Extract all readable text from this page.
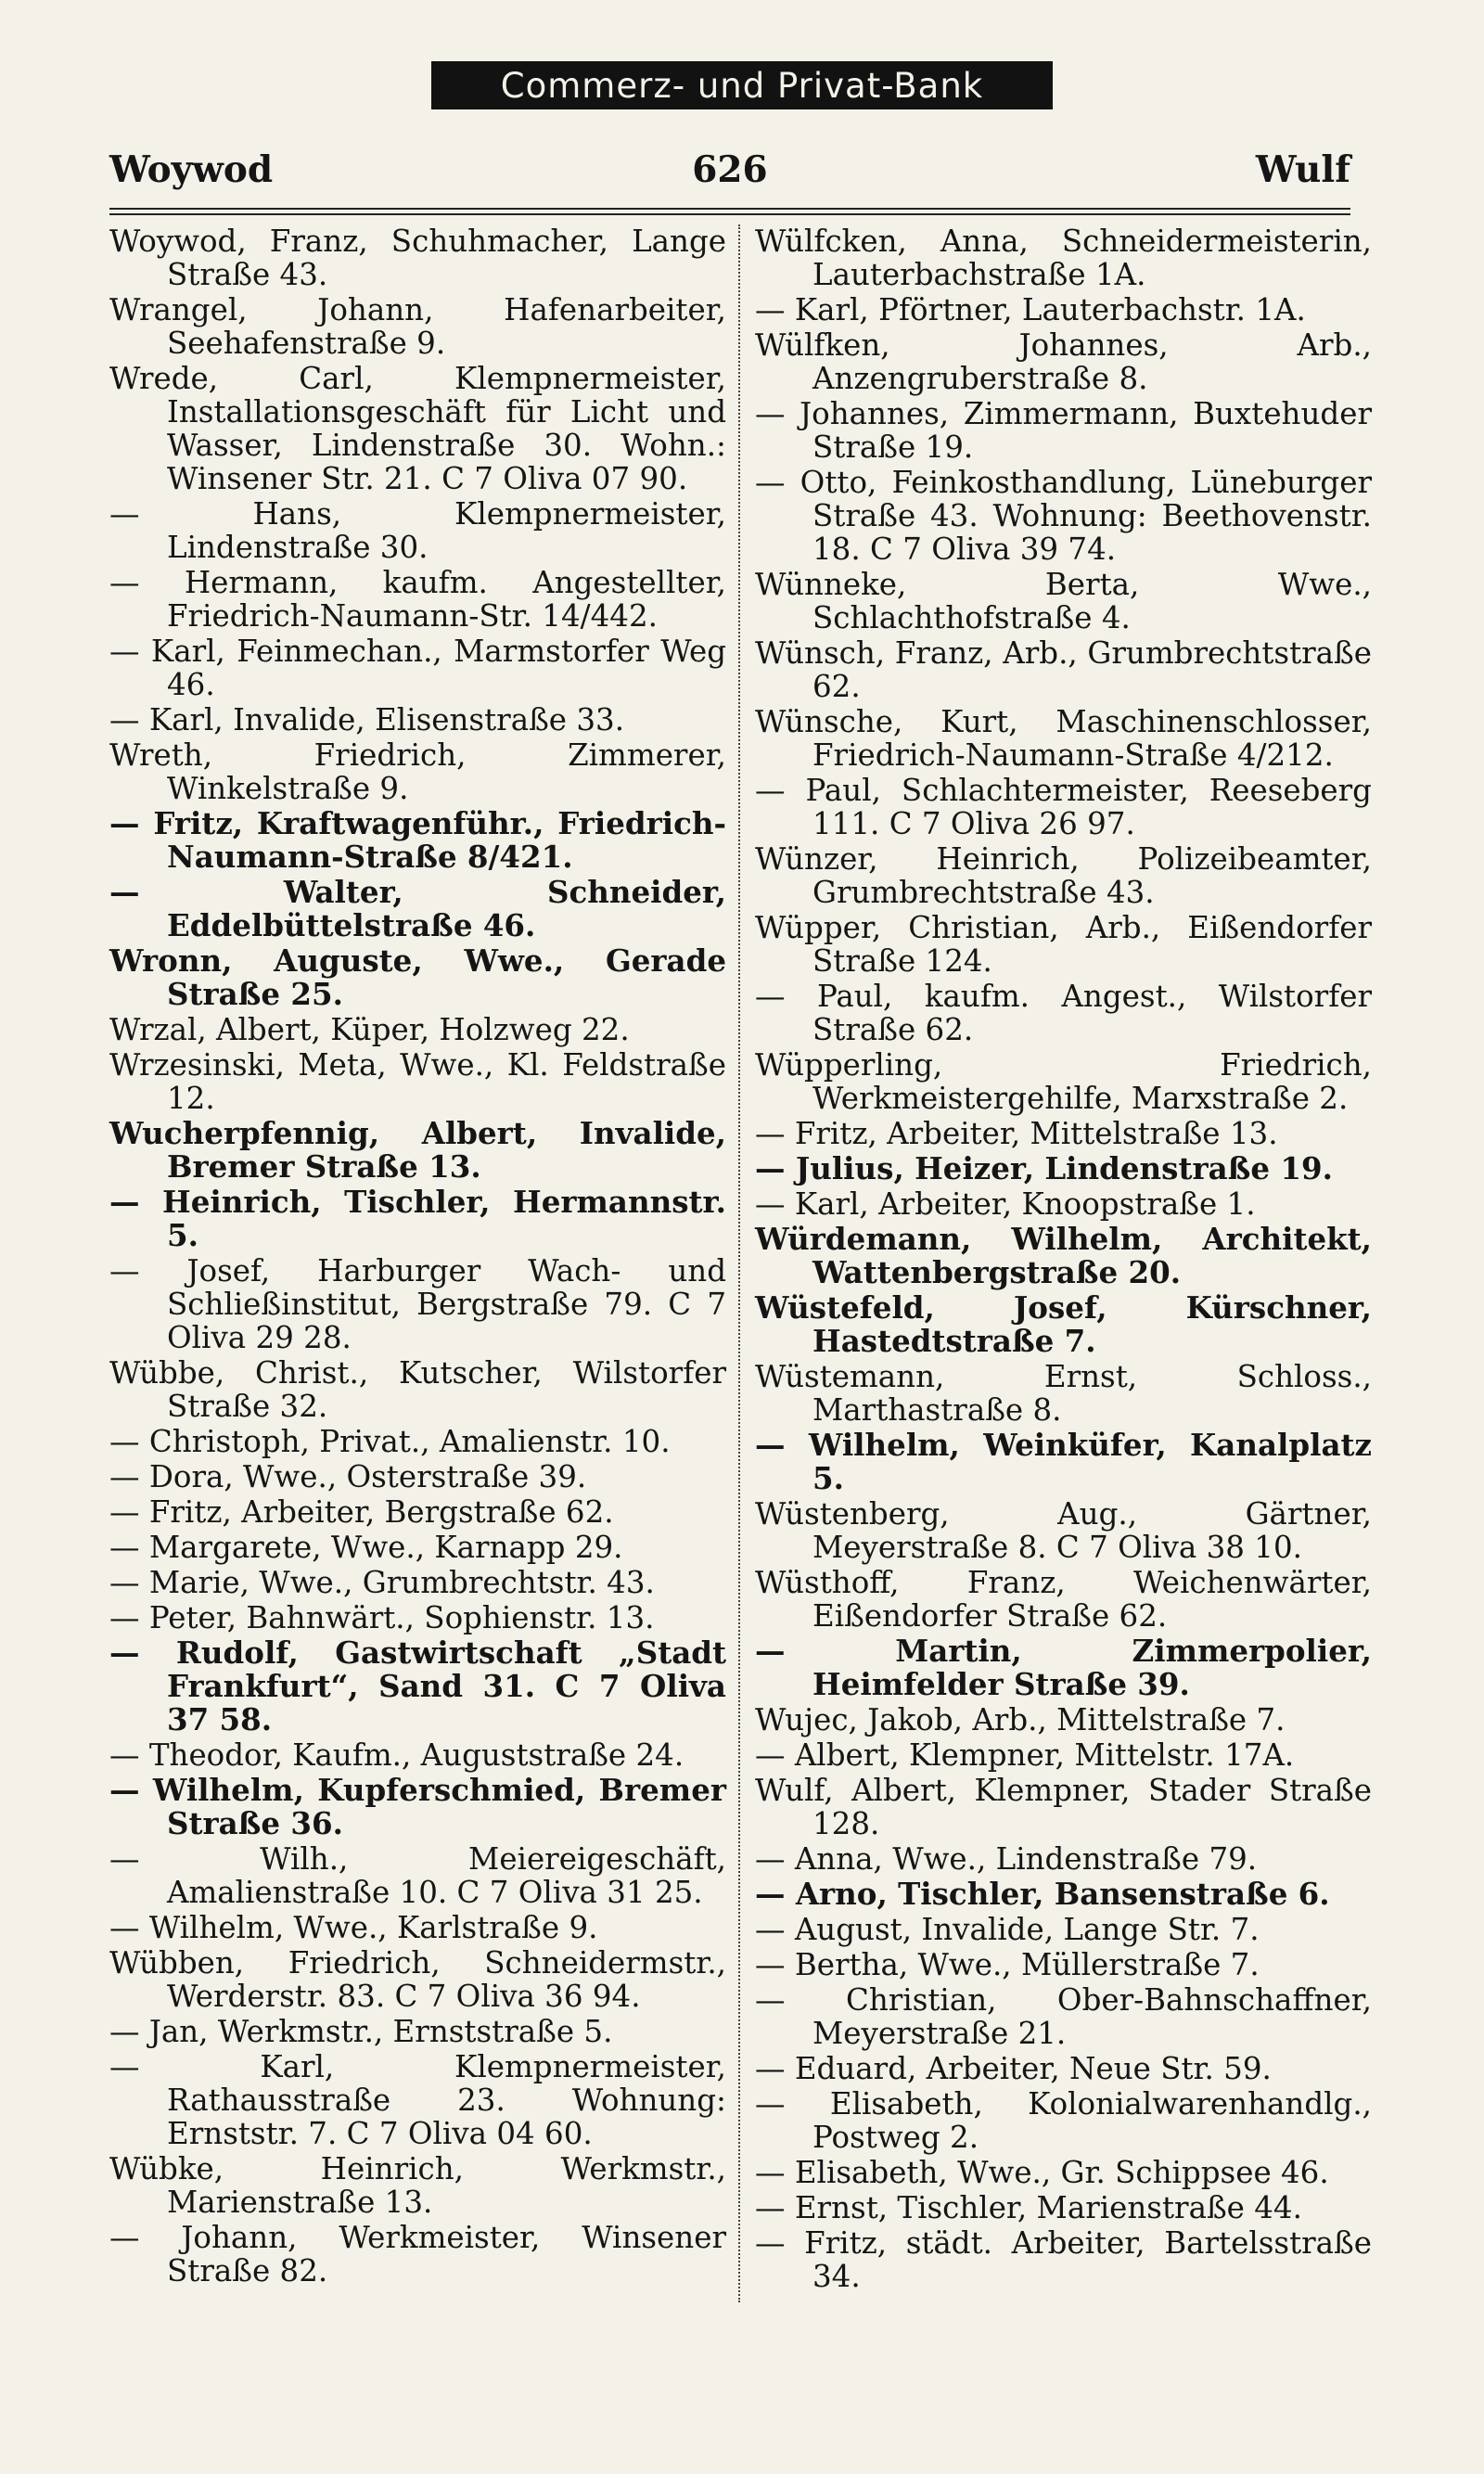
Commerz- und Privat-Bank
Woywod	626	Wulf

Woywod, Franz, Schuhmacher, Lange Straße 43.

Wrangel, Johann, Hafenarbeiter, Seehafenstraße 9.

Wrede, Carl, Klempnermeister, Installationsgeschäft für Licht und Wasser, Lindenstraße 30. Wohn.: Winsener Str. 21. C 7 Oliva 07 90.

— Hans, Klempnermeister, Lindenstraße 30.

— Hermann, kaufm. Angestellter, Friedrich-Naumann-Str. 14/442.

— Karl, Feinmechan., Marmstorfer Weg 46.

— Karl, Invalide, Elisenstraße 33.

Wreth, Friedrich, Zimmerer, Winkelstraße 9.

— Fritz, Kraftwagenführ., Friedrich-Naumann-Straße 8/421.

— Walter, Schneider, Eddelbüttelstraße 46.

Wronn, Auguste, Wwe., Gerade Straße 25.

Wrzal, Albert, Küper, Holzweg 22.

Wrzesinski, Meta, Wwe., Kl. Feldstraße 12.

Wucherpfennig, Albert, Invalide, Bremer Straße 13.

— Heinrich, Tischler, Hermannstr. 5.

— Josef, Harburger Wach- und Schließinstitut, Bergstraße 79. C 7 Oliva 29 28.

Wübbe, Christ., Kutscher, Wilstorfer Straße 32.

— Christoph, Privat., Amalienstr. 10.

— Dora, Wwe., Osterstraße 39.

— Fritz, Arbeiter, Bergstraße 62.

— Margarete, Wwe., Karnapp 29.

— Marie, Wwe., Grumbrechtstr. 43.

— Peter, Bahnwärt., Sophienstr. 13.

— Rudolf, Gastwirtschaft „Stadt Frankfurt“, Sand 31. C 7 Oliva 37 58.

— Theodor, Kaufm., Auguststraße 24.

— Wilhelm, Kupferschmied, Bremer Straße 36.

— Wilh., Meiereigeschäft, Amalienstraße 10. C 7 Oliva 31 25.

— Wilhelm, Wwe., Karlstraße 9.

Wübben, Friedrich, Schneidermstr., Werderstr. 83. C 7 Oliva 36 94.

— Jan, Werkmstr., Ernststraße 5.

— Karl, Klempnermeister, Rathausstraße 23. Wohnung: Ernststr. 7. C 7 Oliva 04 60.

Wübke, Heinrich, Werkmstr., Marienstraße 13.

— Johann, Werkmeister, Winsener Straße 82.

Wülfcken, Anna, Schneidermeisterin, Lauterbachstraße 1A.

— Karl, Pförtner, Lauterbachstr. 1A.

Wülfken, Johannes, Arb., Anzengruberstraße 8.

— Johannes, Zimmermann, Buxtehuder Straße 19.

— Otto, Feinkosthandlung, Lüneburger Straße 43. Wohnung: Beethovenstr. 18. C 7 Oliva 39 74.

Wünneke, Berta, Wwe., Schlachthofstraße 4.

Wünsch, Franz, Arb., Grumbrechtstraße 62.

Wünsche, Kurt, Maschinenschlosser, Friedrich-Naumann-Straße 4/212.

— Paul, Schlachtermeister, Reeseberg 111. C 7 Oliva 26 97.

Wünzer, Heinrich, Polizeibeamter, Grumbrechtstraße 43.

Wüpper, Christian, Arb., Eißendorfer Straße 124.

— Paul, kaufm. Angest., Wilstorfer Straße 62.

Wüpperling, Friedrich, Werkmeistergehilfe, Marxstraße 2.

— Fritz, Arbeiter, Mittelstraße 13.

— Julius, Heizer, Lindenstraße 19.

— Karl, Arbeiter, Knoopstraße 1.

Würdemann, Wilhelm, Architekt, Wattenbergstraße 20.

Wüstefeld, Josef, Kürschner, Hastedtstraße 7.

Wüstemann, Ernst, Schloss., Marthastraße 8.

— Wilhelm, Weinküfer, Kanalplatz 5.

Wüstenberg, Aug., Gärtner, Meyerstraße 8. C 7 Oliva 38 10.

Wüsthoff, Franz, Weichenwärter, Eißendorfer Straße 62.

— Martin, Zimmerpolier, Heimfelder Straße 39.

Wujec, Jakob, Arb., Mittelstraße 7.

— Albert, Klempner, Mittelstr. 17A.

Wulf, Albert, Klempner, Stader Straße 128.

— Anna, Wwe., Lindenstraße 79.

— Arno, Tischler, Bansenstraße 6.

— August, Invalide, Lange Str. 7.

— Bertha, Wwe., Müllerstraße 7.

— Christian, Ober-Bahnschaffner, Meyerstraße 21.

— Eduard, Arbeiter, Neue Str. 59.

— Elisabeth, Kolonialwarenhandlg., Postweg 2.

— Elisabeth, Wwe., Gr. Schippsee 46.

— Ernst, Tischler, Marienstraße 44.

— Fritz, städt. Arbeiter, Bartelsstraße 34.
